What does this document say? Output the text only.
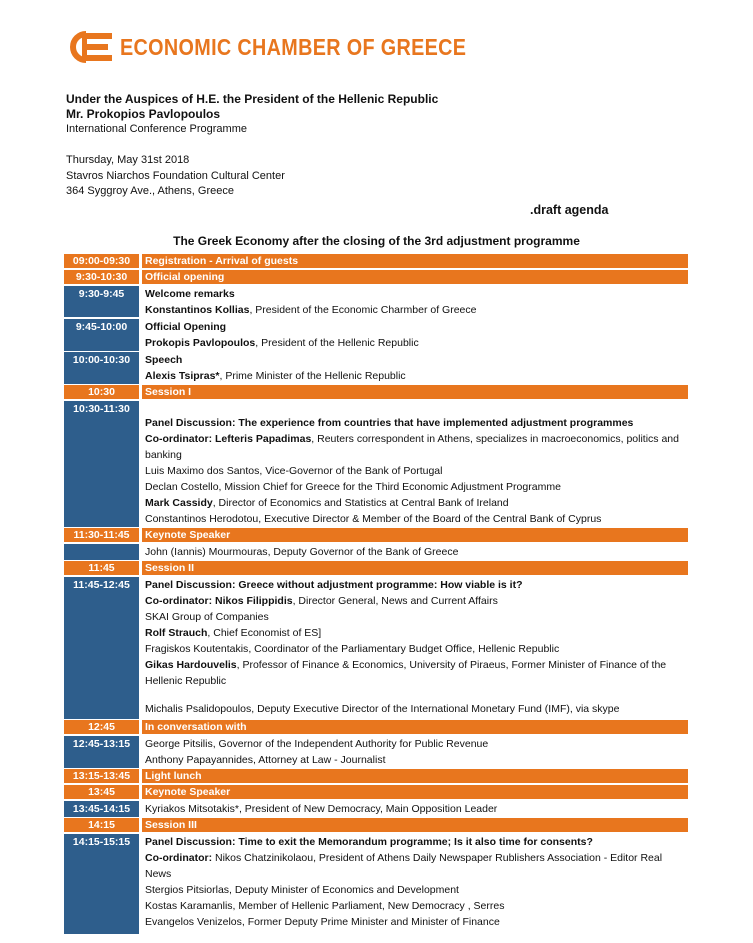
ECONOMIC CHAMBER OF GREECE
Under the Auspices of H.E. the President of the Hellenic Republic
Mr. Prokopios Pavlopoulos
International Conference Programme
Thursday, May 31st 2018
Stavros Niarchos Foundation Cultural Center
364 Syggroy Ave., Athens, Greece
.draft agenda
The Greek Economy after the closing of the 3rd adjustment programme
09:00-09:30	Registration - Arrival of guests
9:30-10:30	Official opening
9:30-9:45	Welcome remarks
Konstantinos Kollias, President of the Economic Charmber of Greece
9:45-10:00	Official Opening
Prokopis Pavlopoulos, President of the Hellenic Republic
10:00-10:30	Speech
Alexis Tsipras*, Prime Minister of the Hellenic Republic
10:30	Session I
10:30-11:30
Panel Discussion: The experience from countries that have implemented adjustment programmes
Co-ordinator: Lefteris Papadimas, Reuters correspondent in Athens, specializes in macroeconomics, politics and banking
Luis Maximo dos Santos, Vice-Governor of the Bank of Portugal
Declan Costello, Mission Chief for Greece for the Third Economic Adjustment Programme
Mark Cassidy, Director of Economics and Statistics at Central Bank of Ireland
Constantinos Herodotou, Executive Director & Member of the Board of the Central Bank of Cyprus
11:30-11:45	Keynote Speaker
John (Iannis) Mourmouras, Deputy Governor of the Bank of Greece
11:45	Session II
11:45-12:45	Panel Discussion: Greece without adjustment programme: How viable is it?
Co-ordinator: Nikos Filippidis, Director General, News and Current Affairs
SKAI Group of Companies
Rolf Strauch, Chief Economist of ES]
Fragiskos Koutentakis, Coordinator of the Parliamentary Budget Office, Hellenic Republic
Gikas Hardouvelis, Professor of Finance & Economics, University of Piraeus, Former Minister of Finance of the Hellenic Republic
Michalis Psalidopoulos, Deputy Executive Director of the International Monetary Fund (IMF), via skype
12:45	In conversation with
12:45-13:15	George Pitsilis, Governor of the Independent Authority for Public Revenue
Anthony Papayannides, Attorney at Law - Journalist
13:15-13:45	Light lunch
13:45	Keynote Speaker
13:45-14:15	Kyriakos Mitsotakis*, President of New Democracy, Main Opposition Leader
14:15	Session III
14:15-15:15	Panel Discussion: Time to exit the Memorandum programme; Is it also time for consents?
Co-ordinator: Nikos Chatzinikolaou, President of Athens Daily Newspaper Rublishers Association - Editor Real News
Stergios Pitsiorlas, Deputy Minister of Economics and Development
Kostas Karamanlis, Member of Hellenic Parliament, New Democracy , Serres
Evangelos Venizelos, Former Deputy Prime Minister and Minister of Finance
